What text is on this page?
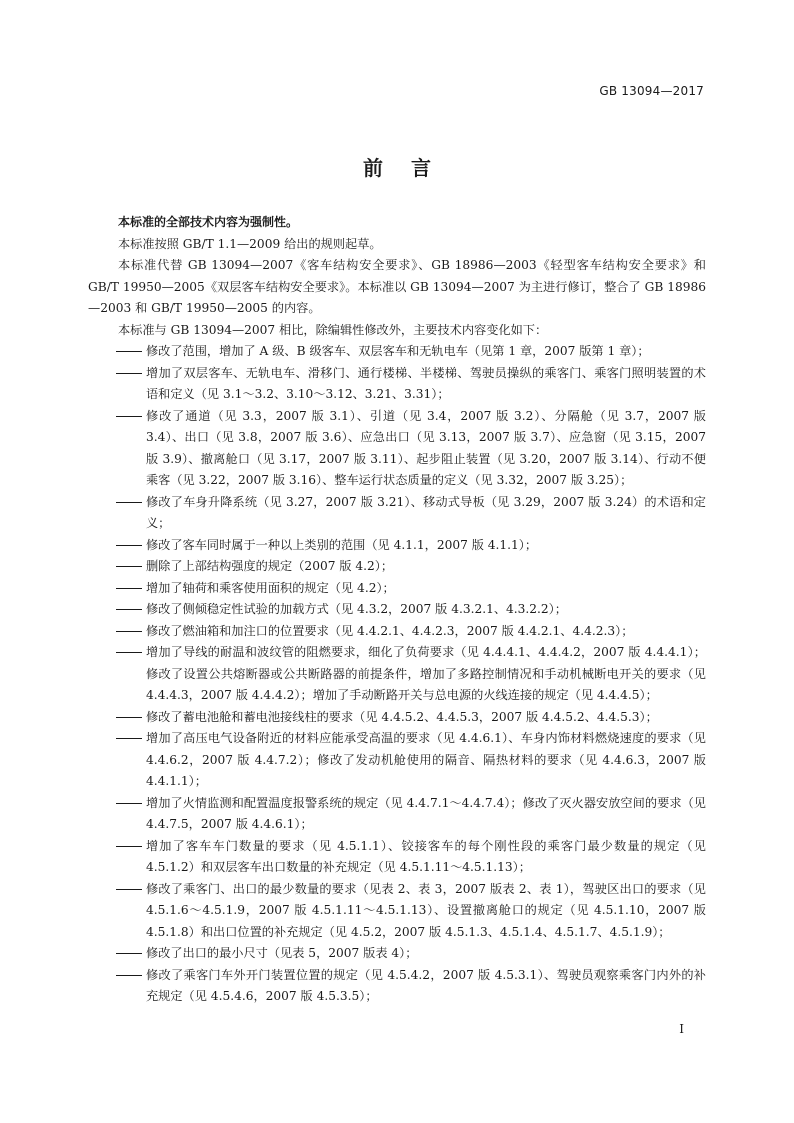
GB 13094—2017
前言

本标准的全部技术内容为强制性。

本标准按照 GB/T 1.1—2009 给出的规则起草。

本标准代替 GB 13094—2007《客车结构安全要求》、GB 18986—2003《轻型客车结构安全要求》和 GB/T 19950—2005《双层客车结构安全要求》。本标准以 GB 13094—2007 为主进行修订，整合了 GB 18986—2003 和 GB/T 19950—2005 的内容。

本标准与 GB 13094—2007 相比，除编辑性修改外，主要技术内容变化如下：

修改了范围，增加了 A 级、B 级客车、双层客车和无轨电车（见第 1 章，2007 版第 1 章）；
增加了双层客车、无轨电车、滑移门、通行楼梯、半楼梯、驾驶员操纵的乘客门、乘客门照明装置的术语和定义（见 3.1～3.2、3.10～3.12、3.21、3.31）；
修改了通道（见 3.3，2007 版 3.1）、引道（见 3.4，2007 版 3.2）、分隔舱（见 3.7，2007 版 3.4）、出口（见 3.8，2007 版 3.6）、应急出口（见 3.13，2007 版 3.7）、应急窗（见 3.15，2007 版 3.9）、撤离舱口（见 3.17，2007 版 3.11）、起步阻止装置（见 3.20，2007 版 3.14）、行动不便乘客（见 3.22，2007 版 3.16）、整车运行状态质量的定义（见 3.32，2007 版 3.25）；
修改了车身升降系统（见 3.27，2007 版 3.21）、移动式导板（见 3.29，2007 版 3.24）的术语和定义；
修改了客车同时属于一种以上类别的范围（见 4.1.1，2007 版 4.1.1）；
删除了上部结构强度的规定（2007 版 4.2）；
增加了轴荷和乘客使用面积的规定（见 4.2）；
修改了侧倾稳定性试验的加载方式（见 4.3.2，2007 版 4.3.2.1、4.3.2.2）；
修改了燃油箱和加注口的位置要求（见 4.4.2.1、4.4.2.3，2007 版 4.4.2.1、4.4.2.3）；
增加了导线的耐温和波纹管的阻燃要求，细化了负荷要求（见 4.4.4.1、4.4.4.2，2007 版 4.4.4.1）；修改了设置公共熔断器或公共断路器的前提条件，增加了多路控制情况和手动机械断电开关的要求（见 4.4.4.3，2007 版 4.4.4.2）；增加了手动断路开关与总电源的火线连接的规定（见 4.4.4.5）；
修改了蓄电池舱和蓄电池接线柱的要求（见 4.4.5.2、4.4.5.3，2007 版 4.4.5.2、4.4.5.3）；
增加了高压电气设备附近的材料应能承受高温的要求（见 4.4.6.1）、车身内饰材料燃烧速度的要求（见 4.4.6.2，2007 版 4.4.7.2）；修改了发动机舱使用的隔音、隔热材料的要求（见 4.4.6.3，2007 版 4.4.1.1）；
增加了火情监测和配置温度报警系统的规定（见 4.4.7.1～4.4.7.4）；修改了灭火器安放空间的要求（见 4.4.7.5，2007 版 4.4.6.1）；
增加了客车车门数量的要求（见 4.5.1.1）、铰接客车的每个刚性段的乘客门最少数量的规定（见 4.5.1.2）和双层客车出口数量的补充规定（见 4.5.1.11～4.5.1.13）；
修改了乘客门、出口的最少数量的要求（见表 2、表 3，2007 版表 2、表 1），驾驶区出口的要求（见 4.5.1.6～4.5.1.9，2007 版 4.5.1.11～4.5.1.13）、设置撤离舱口的规定（见 4.5.1.10，2007 版 4.5.1.8）和出口位置的补充规定（见 4.5.2，2007 版 4.5.1.3、4.5.1.4、4.5.1.7、4.5.1.9）；
修改了出口的最小尺寸（见表 5，2007 版表 4）；
修改了乘客门车外开门装置位置的规定（见 4.5.4.2，2007 版 4.5.3.1）、驾驶员观察乘客门内外的补充规定（见 4.5.4.6，2007 版 4.5.3.5）；
I
